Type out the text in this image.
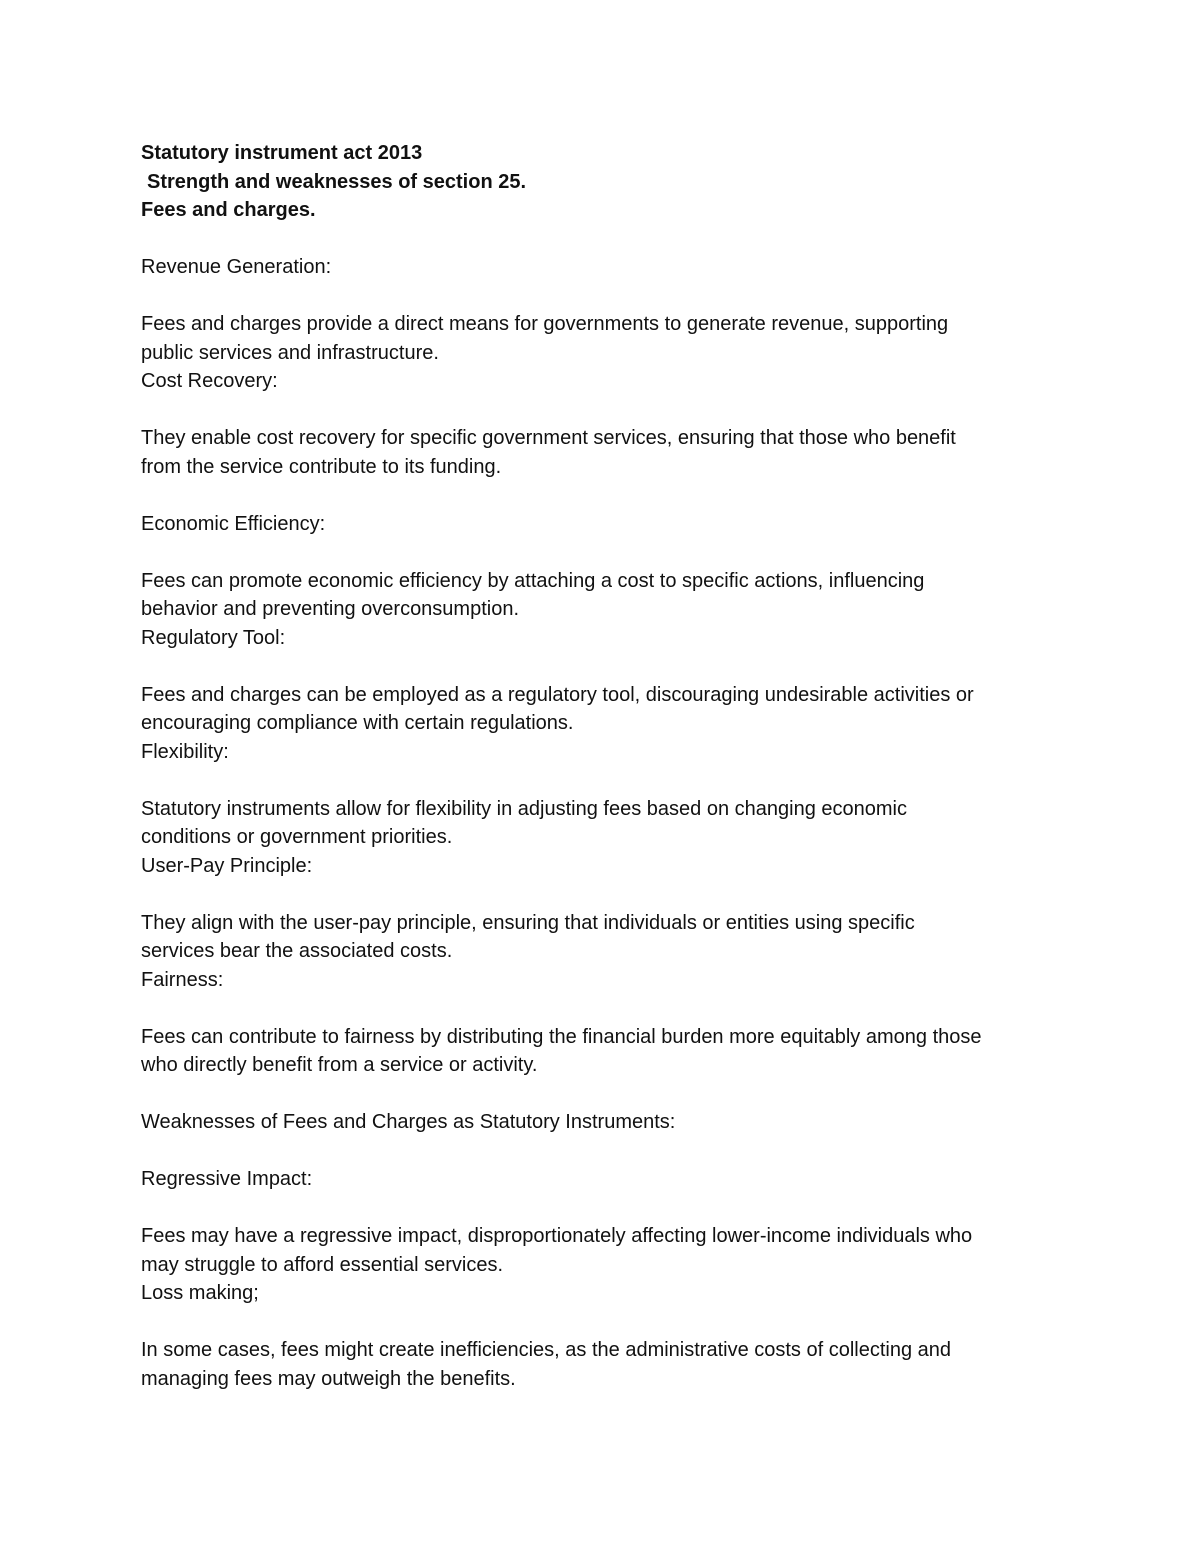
Statutory instrument act 2013
Strength and weaknesses of section 25.
Fees and charges.
Revenue Generation:
Fees and charges provide a direct means for governments to generate revenue, supporting
public services and infrastructure.
Cost Recovery:
They enable cost recovery for specific government services, ensuring that those who benefit
from the service contribute to its funding.
Economic Efficiency:
Fees can promote economic efficiency by attaching a cost to specific actions, influencing
behavior and preventing overconsumption.
Regulatory Tool:
Fees and charges can be employed as a regulatory tool, discouraging undesirable activities or
encouraging compliance with certain regulations.
Flexibility:
Statutory instruments allow for flexibility in adjusting fees based on changing economic
conditions or government priorities.
User-Pay Principle:
They align with the user-pay principle, ensuring that individuals or entities using specific
services bear the associated costs.
Fairness:
Fees can contribute to fairness by distributing the financial burden more equitably among those
who directly benefit from a service or activity.
Weaknesses of Fees and Charges as Statutory Instruments:
Regressive Impact:
Fees may have a regressive impact, disproportionately affecting lower-income individuals who
may struggle to afford essential services.
Loss making;
In some cases, fees might create inefficiencies, as the administrative costs of collecting and
managing fees may outweigh the benefits.
